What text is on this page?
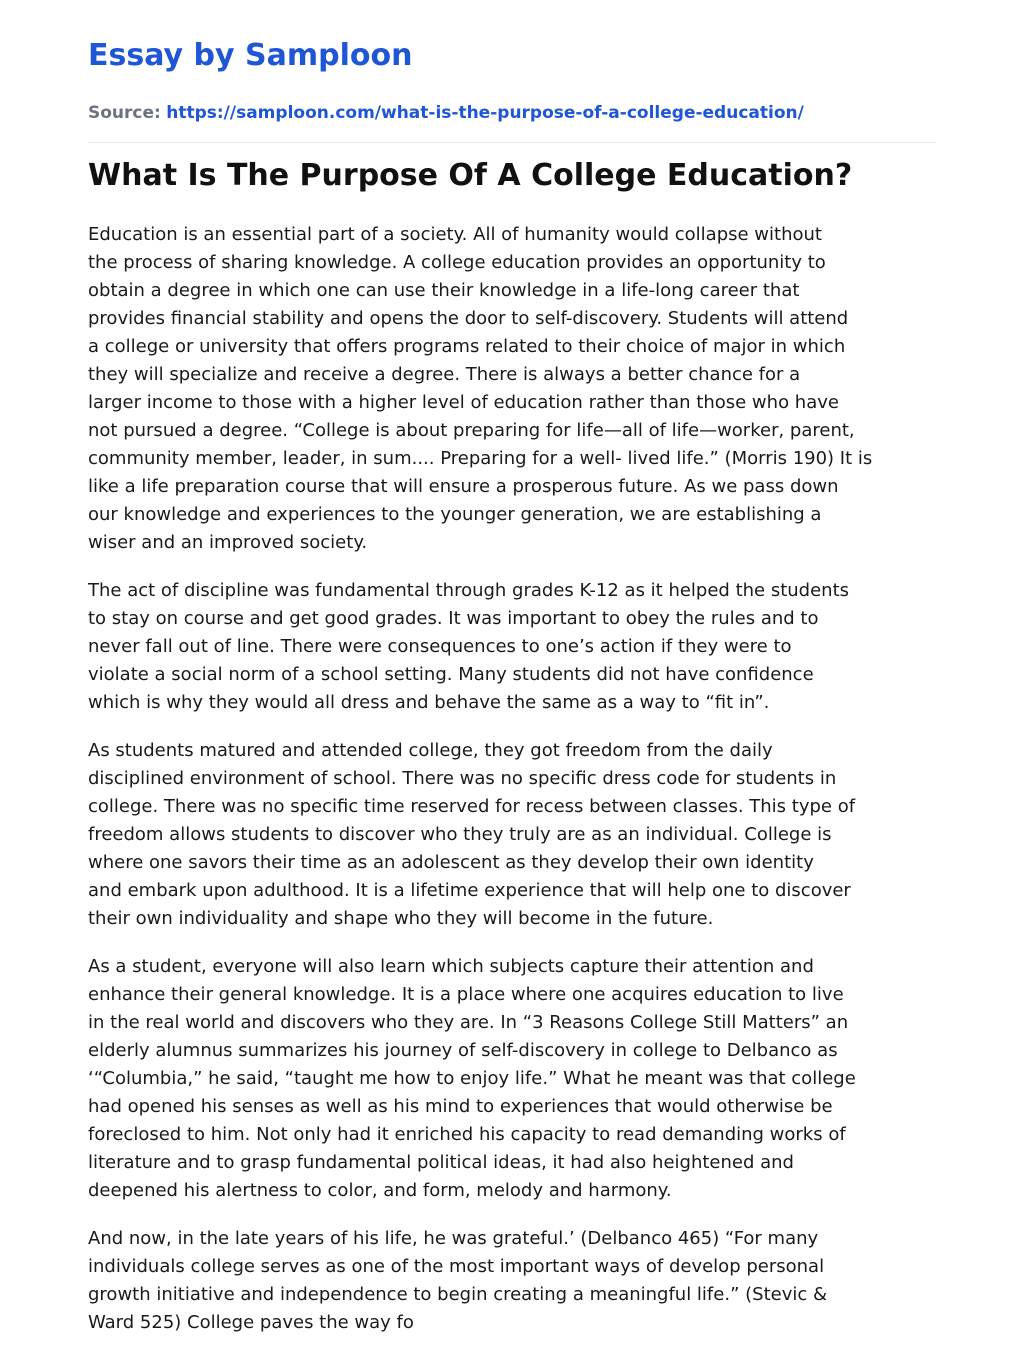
Essay by Samploon
Source: https://samploon.com/what-is-the-purpose-of-a-college-education/
What Is The Purpose Of A College Education?

Education is an essential part of a society. All of humanity would collapse without
the process of sharing knowledge. A college education provides an opportunity to
obtain a degree in which one can use their knowledge in a life-long career that
provides financial stability and opens the door to self-discovery. Students will attend
a college or university that offers programs related to their choice of major in which
they will specialize and receive a degree. There is always a better chance for a
larger income to those with a higher level of education rather than those who have
not pursued a degree. “College is about preparing for life—all of life—worker, parent,
community member, leader, in sum.... Preparing for a well- lived life.” (Morris 190) It is
like a life preparation course that will ensure a prosperous future. As we pass down
our knowledge and experiences to the younger generation, we are establishing a
wiser and an improved society.

The act of discipline was fundamental through grades K-12 as it helped the students
to stay on course and get good grades. It was important to obey the rules and to
never fall out of line. There were consequences to one’s action if they were to
violate a social norm of a school setting. Many students did not have confidence
which is why they would all dress and behave the same as a way to “fit in”.

As students matured and attended college, they got freedom from the daily
disciplined environment of school. There was no specific dress code for students in
college. There was no specific time reserved for recess between classes. This type of
freedom allows students to discover who they truly are as an individual. College is
where one savors their time as an adolescent as they develop their own identity
and embark upon adulthood. It is a lifetime experience that will help one to discover
their own individuality and shape who they will become in the future.

As a student, everyone will also learn which subjects capture their attention and
enhance their general knowledge. It is a place where one acquires education to live
in the real world and discovers who they are. In “3 Reasons College Still Matters” an
elderly alumnus summarizes his journey of self-discovery in college to Delbanco as
‘“Columbia,” he said, “taught me how to enjoy life.” What he meant was that college
had opened his senses as well as his mind to experiences that would otherwise be
foreclosed to him. Not only had it enriched his capacity to read demanding works of
literature and to grasp fundamental political ideas, it had also heightened and
deepened his alertness to color, and form, melody and harmony.

And now, in the late years of his life, he was grateful.’ (Delbanco 465) “For many
individuals college serves as one of the most important ways of develop personal
growth initiative and independence to begin creating a meaningful life.” (Stevic &
Ward 525) College paves the way fo
